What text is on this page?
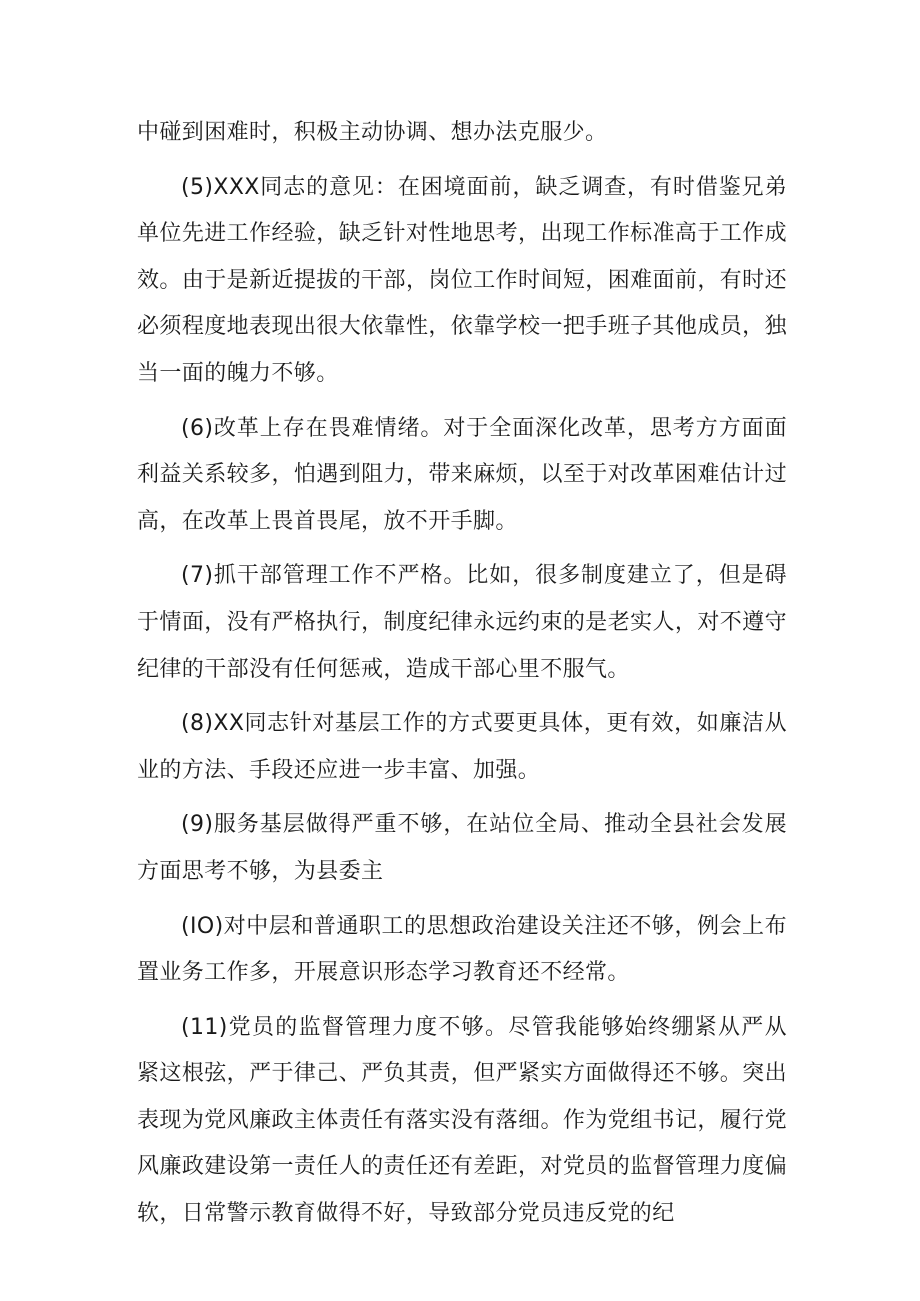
中碰到困难时，积极主动协调、想办法克服少。

(5)XXX同志的意见：在困境面前，缺乏调查，有时借鉴兄弟单位先进工作经验，缺乏针对性地思考，出现工作标准高于工作成效。由于是新近提拔的干部，岗位工作时间短，困难面前，有时还必须程度地表现出很大依靠性，依靠学校一把手班子其他成员，独当一面的魄力不够。

(6)改革上存在畏难情绪。对于全面深化改革，思考方方面面利益关系较多，怕遇到阻力，带来麻烦，以至于对改革困难估计过高，在改革上畏首畏尾，放不开手脚。

(7)抓干部管理工作不严格。比如，很多制度建立了，但是碍于情面，没有严格执行，制度纪律永远约束的是老实人，对不遵守纪律的干部没有任何惩戒，造成干部心里不服气。

(8)XX同志针对基层工作的方式要更具体，更有效，如廉洁从业的方法、手段还应进一步丰富、加强。

(9)服务基层做得严重不够，在站位全局、推动全县社会发展方面思考不够，为县委主

(IO)对中层和普通职工的思想政治建设关注还不够，例会上布置业务工作多，开展意识形态学习教育还不经常。

(11)党员的监督管理力度不够。尽管我能够始终绷紧从严从紧这根弦，严于律己、严负其责，但严紧实方面做得还不够。突出表现为党风廉政主体责任有落实没有落细。作为党组书记，履行党风廉政建设第一责任人的责任还有差距，对党员的监督管理力度偏软，日常警示教育做得不好，导致部分党员违反党的纪
